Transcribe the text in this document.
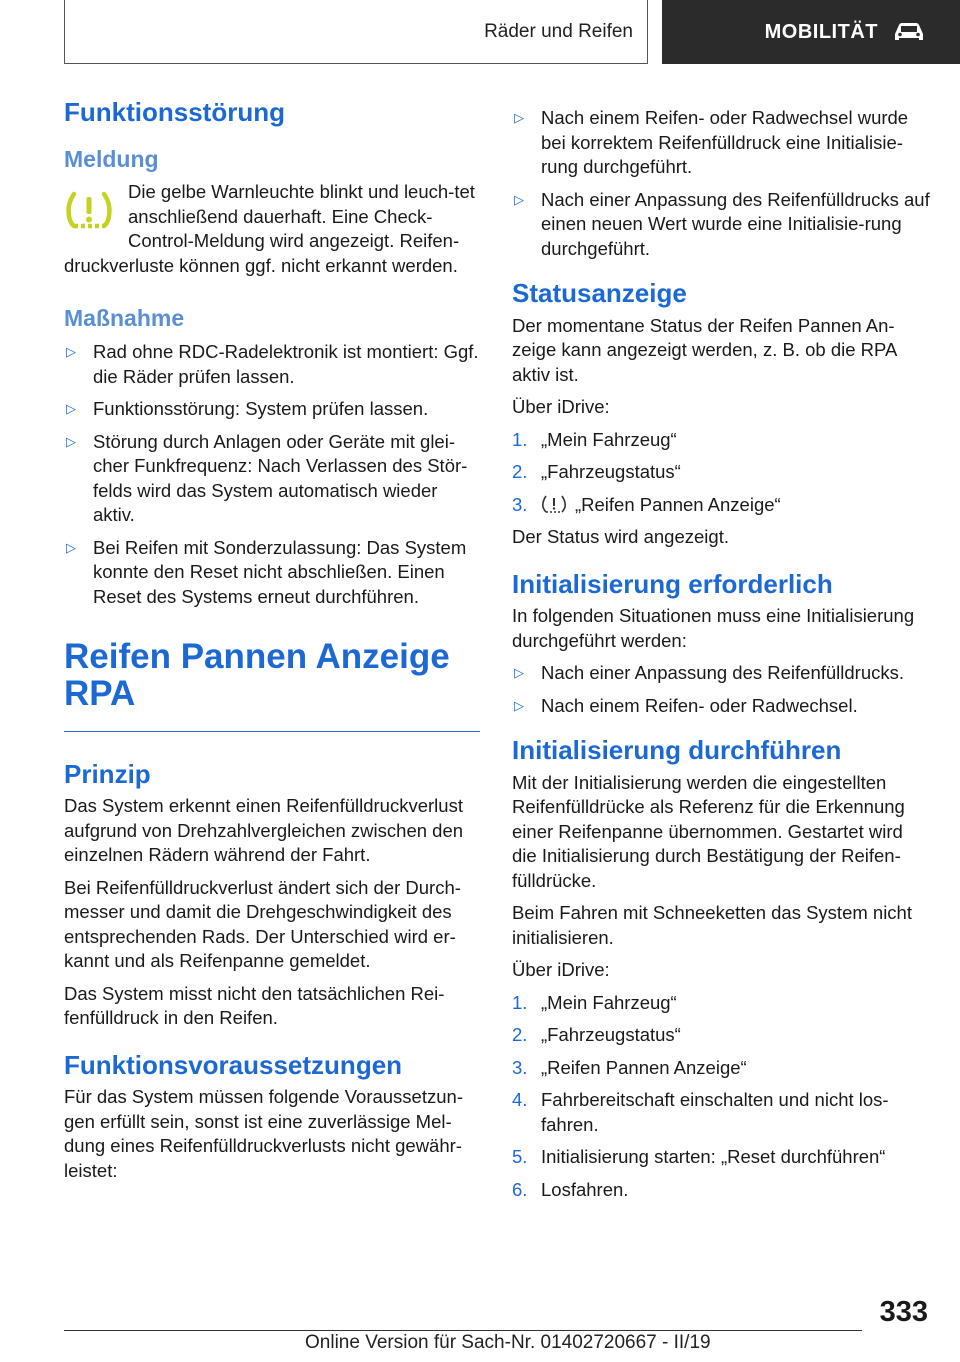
Räder und Reifen	MOBILITÄT
Funktionsstörung
Meldung

Die gelbe Warnleuchte blinkt und leuch-tet anschließend dauerhaft. Eine Check-Control-Meldung wird angezeigt. Reifen-

druckverluste können ggf. nicht erkannt werden.

Maßnahme
▷ Rad ohne RDC-Radelektronik ist montiert: Ggf. die Räder prüfen lassen.
▷ Funktionsstörung: System prüfen lassen.
▷ Störung durch Anlagen oder Geräte mit glei-cher Funkfrequenz: Nach Verlassen des Stör-felds wird das System automatisch wieder aktiv.
▷ Bei Reifen mit Sonderzulassung: Das System konnte den Reset nicht abschließen. Einen Reset des Systems erneut durchführen.
Reifen Pannen Anzeige
RPA
Prinzip

Das System erkennt einen Reifenfülldruckverlust aufgrund von Drehzahlvergleichen zwischen den einzelnen Rädern während der Fahrt.

Bei Reifenfülldruckverlust ändert sich der Durch-messer und damit die Drehgeschwindigkeit des entsprechenden Rads. Der Unterschied wird er-kannt und als Reifenpanne gemeldet.

Das System misst nicht den tatsächlichen Rei-fenfülldruck in den Reifen.

Funktionsvoraussetzungen

Für das System müssen folgende Voraussetzun-gen erfüllt sein, sonst ist eine zuverlässige Mel-dung eines Reifenfülldruckverlusts nicht gewähr-leistet:

▷ Nach einem Reifen- oder Radwechsel wurde bei korrektem Reifenfülldruck eine Initialisie-rung durchgeführt.
▷ Nach einer Anpassung des Reifenfülldrucks auf einen neuen Wert wurde eine Initialisie-rung durchgeführt.
Statusanzeige

Der momentane Status der Reifen Pannen An-zeige kann angezeigt werden, z. B. ob die RPA aktiv ist.

Über iDrive:

1. „Mein Fahrzeug“
2. „Fahrzeugstatus“
3.	„Reifen Pannen Anzeige“

Der Status wird angezeigt.

Initialisierung erforderlich

In folgenden Situationen muss eine Initialisierung durchgeführt werden:

▷ Nach einer Anpassung des Reifenfülldrucks.
▷ Nach einem Reifen- oder Radwechsel.
Initialisierung durchführen

Mit der Initialisierung werden die eingestellten Reifenfülldrücke als Referenz für die Erkennung einer Reifenpanne übernommen. Gestartet wird die Initialisierung durch Bestätigung der Reifen-fülldrücke.

Beim Fahren mit Schneeketten das System nicht initialisieren.

Über iDrive:

1. „Mein Fahrzeug“
2. „Fahrzeugstatus“
3. „Reifen Pannen Anzeige“
4. Fahrbereitschaft einschalten und nicht los-fahren.
5. Initialisierung starten: „Reset durchführen“
6. Losfahren.
333
Online Version für Sach-Nr. 01402720667 - II/19
